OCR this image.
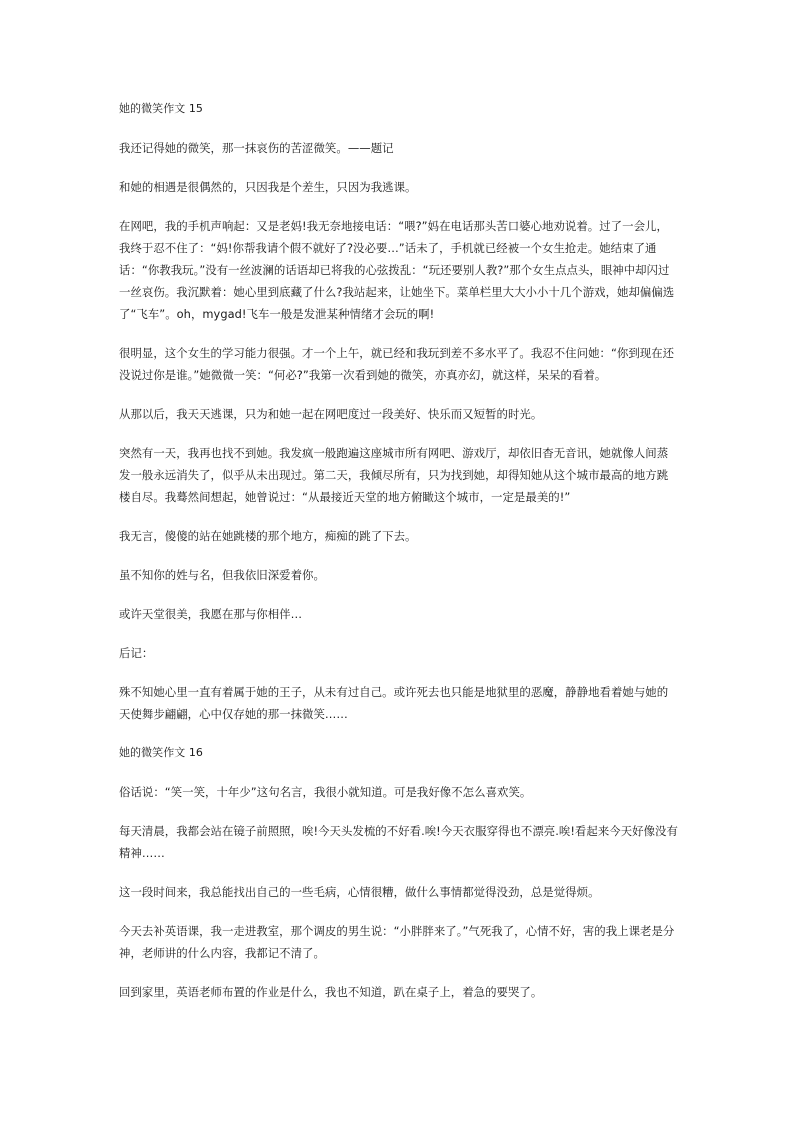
她的微笑作文 15

我还记得她的微笑，那一抹哀伤的苦涩微笑。——题记

和她的相遇是很偶然的，只因我是个差生，只因为我逃课。

在网吧，我的手机声响起：又是老妈!我无奈地接电话：“喂?”妈在电话那头苦口婆心地劝说着。过了一会儿，我终于忍不住了：“妈!你帮我请个假不就好了?没必要…”话未了，手机就已经被一个女生抢走。她结束了通话：“你教我玩。”没有一丝波澜的话语却已将我的心弦拨乱：“玩还要别人教?”那个女生点点头，眼神中却闪过一丝哀伤。我沉默着：她心里到底藏了什么?我站起来，让她坐下。菜单栏里大大小小十几个游戏，她却偏偏选了“飞车”。oh，mygad!飞车一般是发泄某种情绪才会玩的啊!

很明显，这个女生的学习能力很强。才一个上午，就已经和我玩到差不多水平了。我忍不住问她：“你到现在还没说过你是谁。”她微微一笑：“何必?”我第一次看到她的微笑，亦真亦幻，就这样，呆呆的看着。

从那以后，我天天逃课，只为和她一起在网吧度过一段美好、快乐而又短暂的时光。

突然有一天，我再也找不到她。我发疯一般跑遍这座城市所有网吧、游戏厅，却依旧杳无音讯，她就像人间蒸发一般永远消失了，似乎从未出现过。第二天，我倾尽所有，只为找到她，却得知她从这个城市最高的地方跳楼自尽。我蓦然间想起，她曾说过：“从最接近天堂的地方俯瞰这个城市，一定是最美的!”

我无言，傻傻的站在她跳楼的那个地方，痴痴的跳了下去。

虽不知你的姓与名，但我依旧深爱着你。

或许天堂很美，我愿在那与你相伴…

后记：

殊不知她心里一直有着属于她的王子，从未有过自己。或许死去也只能是地狱里的恶魔，静静地看着她与她的天使舞步翩翩，心中仅存她的那一抹微笑……

她的微笑作文 16

俗话说：“笑一笑，十年少”这句名言，我很小就知道。可是我好像不怎么喜欢笑。

每天清晨，我都会站在镜子前照照，唉!今天头发梳的不好看.唉!今天衣服穿得也不漂亮.唉!看起来今天好像没有精神……

这一段时间来，我总能找出自己的一些毛病，心情很糟，做什么事情都觉得没劲，总是觉得烦。

今天去补英语课，我一走进教室，那个调皮的男生说：“小胖胖来了。”气死我了，心情不好，害的我上课老是分神，老师讲的什么内容，我都记不清了。

回到家里，英语老师布置的作业是什么，我也不知道，趴在桌子上，着急的要哭了。
